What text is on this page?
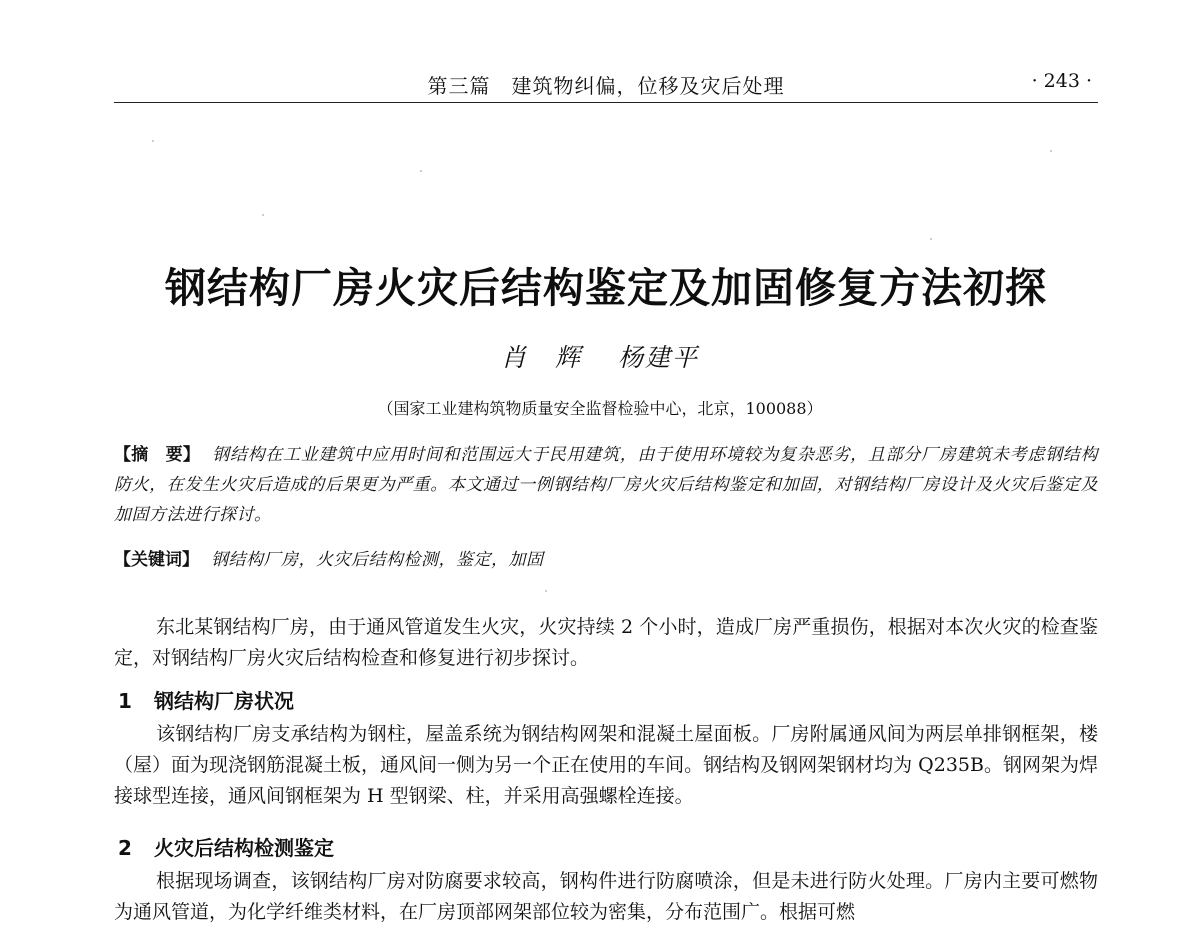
第三篇　建筑物纠偏，位移及灾后处理	· 243 ·
钢结构厂房火灾后结构鉴定及加固修复方法初探
肖　辉 杨建平
（国家工业建构筑物质量安全监督检验中心，北京，100088）
【摘　要】 钢结构在工业建筑中应用时间和范围远大于民用建筑，由于使用环境较为复杂恶劣，且部分厂房建筑未考虑钢结构防火，在发生火灾后造成的后果更为严重。本文通过一例钢结构厂房火灾后结构鉴定和加固，对钢结构厂房设计及火灾后鉴定及加固方法进行探讨。
【关键词】 钢结构厂房，火灾后结构检测，鉴定，加固
东北某钢结构厂房，由于通风管道发生火灾，火灾持续 2 个小时，造成厂房严重损伤，根据对本次火灾的检查鉴定，对钢结构厂房火灾后结构检查和修复进行初步探讨。
1 钢结构厂房状况
该钢结构厂房支承结构为钢柱，屋盖系统为钢结构网架和混凝土屋面板。厂房附属通风间为两层单排钢框架，楼（屋）面为现浇钢筋混凝土板，通风间一侧为另一个正在使用的车间。钢结构及钢网架钢材均为 Q235B。钢网架为焊接球型连接，通风间钢框架为 H 型钢梁、柱，并采用高强螺栓连接。
2 火灾后结构检测鉴定
根据现场调查，该钢结构厂房对防腐要求较高，钢构件进行防腐喷涂，但是未进行防火处理。厂房内主要可燃物为通风管道，为化学纤维类材料，在厂房顶部网架部位较为密集，分布范围广。根据可燃
